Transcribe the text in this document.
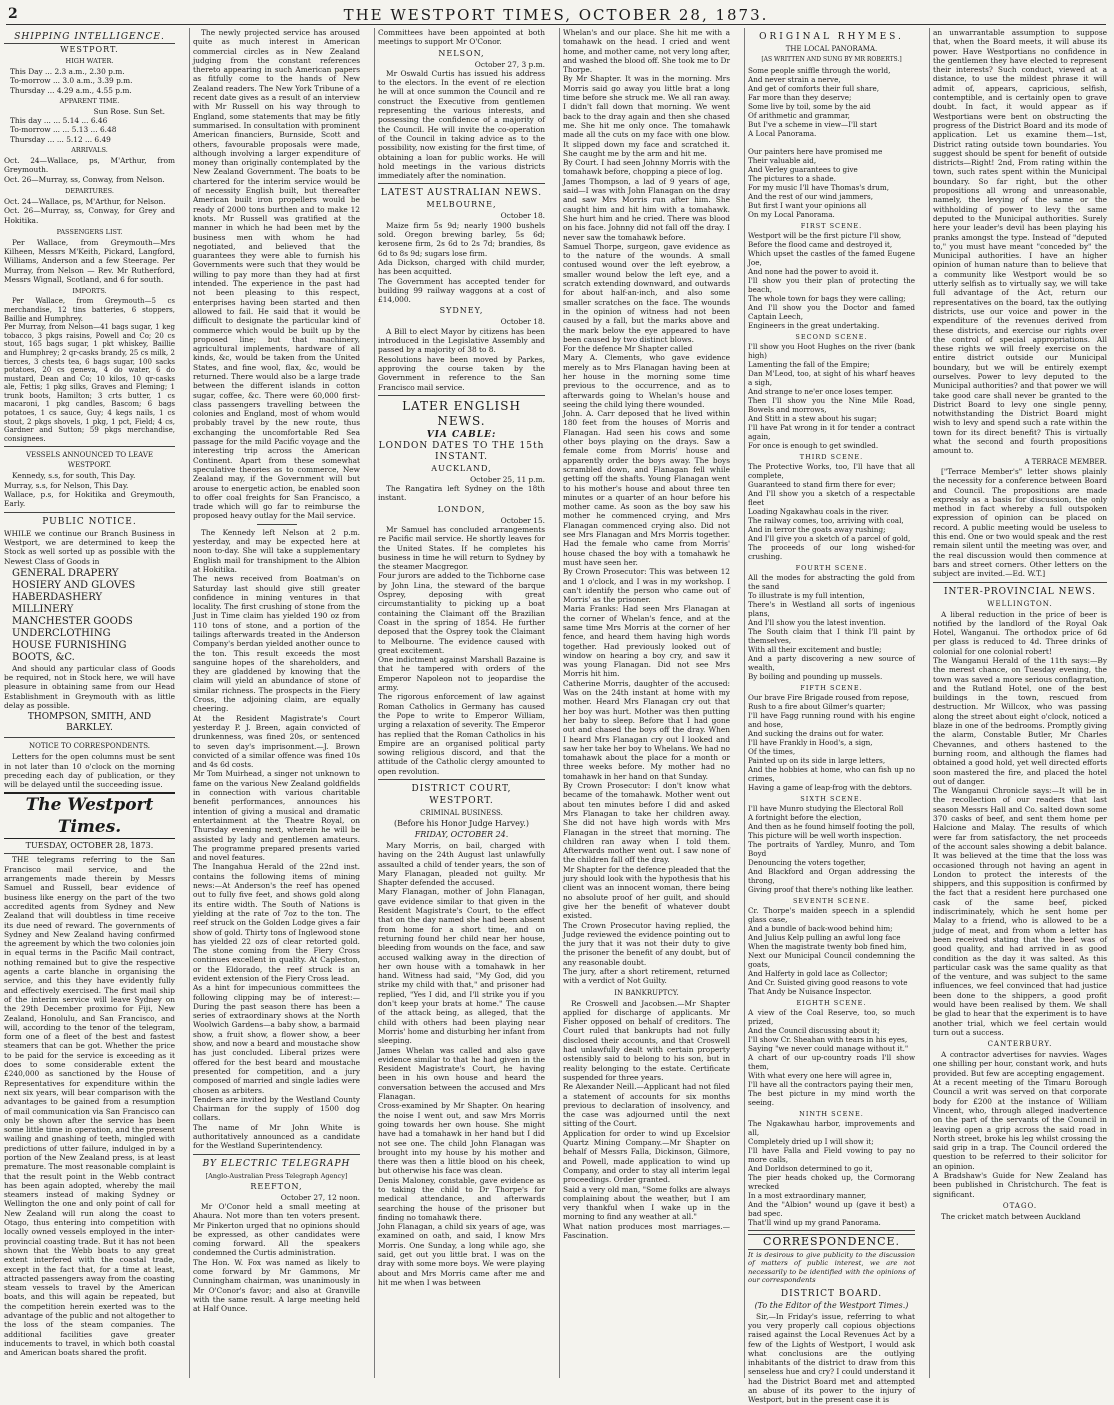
2	THE WESTPORT TIMES, OCTOBER 28, 1873.
SHIPPING INTELLIGENCE.
WESTPORT.
HIGH WATER.
This Day ... 2.3 a.m., 2.30 p.m.
To-morrow ... 3.0 a.m., 3.39 p.m.
Thursday ... 4.29 a.m., 4.55 p.m.
APPARENT TIME.
Sun Rose. Sun Set.
This day ... ... 5.14 ... 6.46
To-morrow ... ... 5.13 ... 6.48
Thursday ... ... 5.12 ... 6.49
ARRIVALS.

Oct. 24—Wallace, ps, M'Arthur, from Greymouth.
Oct. 26—Murray, ss, Conway, from Nelson.

DEPARTURES.

Oct. 24—Wallace, ps, M'Arthur, for Nelson.
Oct. 26—Murray, ss, Conway, for Grey and Hokitika.

PASSENGERS LIST.

Per Wallace, from Greymouth—Mrs Kilheen, Messrs M'Keith, Pickard, Langford, Williams, Anderson and a few Steerage. Per Murray, from Nelson — Rev. Mr Rutherford, Messrs Wignall, Scotland, and 6 for south.

IMPORTS.

Per Wallace, from Greymouth—5 cs merchandise, 12 tins batteries, 6 stoppers, Baillie and Humphrey.
Per Murray, from Nelson—41 bags sugar, 1 keg tobacco, 3 pkgs raisins, Powell and Co; 20 cs stout, 165 bags sugar, 1 pkt whiskey, Baillie and Humphrey; 2 qr-casks brandy, 25 cs milk, 2 tierces, 3 chests tea, 6 bags sugar, 100 sacks potatoes, 20 cs geneva, 4 do water, 6 do mustard, Dean and Co; 10 kilos, 10 qr-casks ale, Fettis; 1 pkg silks, Graves and Fleming; 1 trunk boots, Hamilton; 3 crts butter, 1 cs macaroni, 1 pkg candles, Bascom; 6 bags potatoes, 1 cs sauce, Guy; 4 kegs nails, 1 cs stout, 2 pkgs shovels, 1 pkg, 1 pct, Field; 4 cs, Gardner and Sutton; 59 pkgs merchandise, consignees.

VESSELS ANNOUNCED TO LEAVE WESTPORT.

Kennedy, s.s, for south, This Day.
Murray, s.s, for Nelson, This Day.
Wallace, p.s, for Hokitika and Greymouth, Early.

PUBLIC NOTICE.

WHILE we continue our Branch Business in Westport, we are determined to keep the Stock as well sorted up as possible with the Newest Class of Goods in

GENERAL DRAPERY
HOSIERY AND GLOVES
HABERDASHERY
MILLINERY
MANCHESTER GOODS
UNDERCLOTHING
HOUSE FURNISHING
BOOTS, &C.

And should any particular class of Goods be required, not in Stock here, we will have pleasure in obtaining same from our Head Establishment in Greymouth with as little delay as possible.

THOMPSON, SMITH, AND BARKLEY.
NOTICE TO CORRESPONDENTS.

Letters for the open columns must be sent in not later than 10 o'clock on the morning preceding each day of publication, or they will be delayed until the succeeding issue.

The Westport Times.
TUESDAY, OCTOBER 28, 1873.

THE telegrams referring to the San Francisco mail service, and the arrangements made therein by Messrs Samuel and Russell, bear evidence of business like energy on the part of the two accredited agents from Sydney and New Zealand that will doubtless in time receive its due need of reward. The governments of Sydney and New Zealand having confirmed the agreement by which the two colonies join in equal terms in the Pacific Mail contract, nothing remained but to give the respective agents a carte blanche in organising the service, and this they have evidently fully and effectively exercised. The first mail ship of the interim service will leave Sydney on the 29th December proximo for Fiji, New Zealand, Honolulu, and San Francisco, and will, according to the tenor of the telegram, form one of a fleet of the best and fastest steamers that can be got. Whether the price to be paid for the service is exceeding as it does to some considerable extent the £240,000 as sanctioned by the House of Representatives for expenditure within the next six years, will bear comparison with the advantages to be gained from a resumption of mail communication via San Francisco can only be shown after the service has been some little time in operation, and the present wailing and gnashing of teeth, mingled with predictions of utter failure, indulged in by a portion of the New Zealand press, is at least premature. The most reasonable complaint is that the result point in the Webb contract has been again adopted, whereby the mail steamers instead of making Sydney or Wellington the one and only point of call for New Zealand will run along the coast to Otago, thus entering into competition with locally owned vessels employed in the inter-provincial coasting trade. But it has not been shown that the Webb boats to any great extent interfered with the coastal trade, except in the fact that, for a time at least, attracted passengers away from the coasting steam vessels to travel by the American boats, and this will again be repeated, but the competition herein exerted was to the advantage of the public and not altogether to the loss of the steam companies. The additional facilities gave greater inducements to travel, in which both coastal and American boats shared the profit.

The newly projected service has aroused quite as much interest in American commercial circles as in New Zealand judging from the constant references thereto appearing in such American papers as fitfully come to the hands of New Zealand readers. The New York Tribune of a recent date gives as a result of an interview with Mr Russell on his way through to England, some statements that may be fitly summarised. In consultation with prominent American financiers, Burnside, Scott and others, favourable proposals were made, although involving a larger expenditure of money than originally contemplated by the New Zealand Government. The boats to be chartered for the interim service would be of necessity English built, but thereafter American built iron propellers would be ready of 2000 tons burthen and to make 12 knots. Mr Russell was gratified at the manner in which he had been met by the business men with whom he had negotiated, and believed that the guarantees they were able to furnish his Governments were such that they would be willing to pay more than they had at first intended. The experience in the past had not been pleasing to this respect, enterprises having been started and then allowed to fail. He said that it would be difficult to designate the particular kind of commerce which would be built up by the proposed line; but that machinery, agricultural implements, hardware of all kinds, &c, would be taken from the United States, and fine wool, flax, &c, would be returned. There would also be a large trade between the different islands in cotton sugar, coffee, &c. There were 60,000 first-class passengers travelling between the colonies and England, most of whom would probably travel by the new route, thus exchanging the uncomfortable Red Sea passage for the mild Pacific voyage and the interesting trip across the American Continent. Apart from these somewhat speculative theories as to commerce, New Zealand may, if the Government will but arouse to energetic action, be enabled soon to offer coal freights for San Francisco, a trade which will go far to reimburse the proposed heavy outlay for the Mail service.

The Kennedy left Nelson at 2 p.m. yesterday, and may be expected here at noon to-day. She will take a supplementary English mail for transhipment to the Albion at Hokitika.
The news received from Boatman's on Saturday last should give still greater confidence in mining ventures in that locality. The first crushing of stone from the Just in Time claim has yielded 190 oz from 110 tons of stone, and a portion of the tailings afterwards treated in the Anderson Company's berdan yielded another ounce to the ton. This result exceeds the most sanguine hopes of the shareholders, and they are gladdened by knowing that the claim will yield an abundance of stone of similar richness. The prospects in the Fiery Cross, the adjoining claim, are equally cheering.
At the Resident Magistrate's Court yesterday P. J. Breen, again convicted of drunkenness, was fined 20s, or sentenced to seven day's imprisonment.—J. Brown convicted of a similar offence was fined 10s and 4s 6d costs.
Mr Tom Muirhead, a singer not unknown to fame on the various New Zealand goldfields in connection with various charitable benefit performances, announces his intention of giving a musical and dramatic entertainment at the Theatre Royal, on Thursday evening next, wherein he will be assisted by lady and gentlemen amateurs. The programme prepared presents varied and novel features.
The Inangahua Herald of the 22nd inst. contains the following items of mining news:—At Anderson's the reef has opened out to fully five feet, and shows gold along its entire width. The South of Nations is yielding at the rate of 7oz to the ton. The reef struck on the Golden Lodge gives a fair show of gold. Thirty tons of Inglewood stone has yielded 22 ozs of clear retorted gold. The stone coming from the Fiery Cross continues excellent in quality. At Capleston, or the Eldorado, the reef struck is an evident extension of the Fiery Cross lead.
As a hint for impecunious committees the following clipping may be of interest:—During the past season there has been a series of extraordinary shows at the North Woolwich Gardens—a baby show, a barmaid show, a fruit show, a flower show, a beer show, and now a beard and moustache show has just concluded. Liberal prizes were offered for the best beard and moustache presented for competition, and a jury composed of married and single ladies were chosen as arbiters.
Tenders are invited by the Westland County Chairman for the supply of 1500 dog collars.
The name of Mr John White is authoritatively announced as a candidate for the Westland Superintendency.

BY ELECTRIC TELEGRAPH
[Anglo-Australian Press Telegraph Agency]
REEFTON,
October 27, 12 noon.

Mr O'Conor held a small meeting at Ahaura. Not more than ten voters present. Mr Pinkerton urged that no opinions should be expressed, as other candidates were coming forward. All the speakers condemned the Curtis administration.
The Hon. W. Fox was named as likely to come forward by Mr Gammons, Mr Cunningham chairman, was unanimously in Mr O'Conor's favor; and also at Granville with the same result. A large meeting held at Half Ounce.

Committees have been appointed at both meetings to support Mr O'Conor.

NELSON,
October 27, 3 p.m.

Mr Oswald Curtis has issued his address to the electors. In the event of re election he will at once summon the Council and re construct the Executive from gentlemen representing the various interests, and possessing the confidence of a majority of the Council. He will invite the co-operation of the Council in taking advice as to the possibility, now existing for the first time, of obtaining a loan for public works. He will hold meetings in the various districts immediately after the nomination.

LATEST AUSTRALIAN NEWS.
MELBOURNE,
October 18.

Maize firm 5s 9d; nearly 1900 bushels sold. Oregon brewing barley, 5s 6d; kerosene firm, 2s 6d to 2s 7d; brandies, 8s 6d to 8s 9d; sugars lose firm.
Ada Dickson, charged with child murder, has been acquitted.
The Government has accepted tender for building 99 railway waggons at a cost of £14,000.

SYDNEY,
October 18.

A Bill to elect Mayor by citizens has been introduced in the Legislative Assembly and passed by a majority of 38 to 8.
Resolutions have been moved by Parkes, approving the course taken by the Government in reference to the San Francisco mail service.

LATER ENGLISH NEWS.
VIA CABLE:
LONDON DATES TO THE 15th INSTANT.
AUCKLAND,
October 25, 11 p.m.

The Rangatira left Sydney on the 18th instant.

LONDON,
October 15.

Mr Samuel has concluded arrangements re Pacific mail service. He shortly leaves for the United States. If he completes his business in time he will return to Sydney by the steamer Macgregor.
Four jurors are added to the Tichborne case by John Lina, the steward of the barque Osprey, deposing with great circumstantiality to picking up a boat containing the Claimant off the Brazilian Coast in the spring of 1854. He further deposed that the Osprey took the Claimant to Melbourne. The evidence caused with great excitement.
One indictment against Marshall Bazaine is that he tampered with orders of the Emperor Napoleon not to jeopardise the army.
The rigorous enforcement of law against Roman Catholics in Germany has caused the Pope to write to Emperor William, urging a relaxation of severity. The Emperor has replied that the Roman Catholics in his Empire are an organised political party sowing religious discord, and that the attitude of the Catholic clergy amounted to open revolution.

DISTRICT COURT, WESTPORT.
CRIMINAL BUSINESS.
(Before his Honor Judge Harvey.)
FRIDAY, OCTOBER 24.

Mary Morris, on bail, charged with having on the 24th August last unlawfully assaulted a child of tender years, the son of Mary Flanagan, pleaded not guilty. Mr Shapter defended the accused.
Mary Flanagan, mother of John Flanagan, gave evidence similar to that given in the Resident Magistrate's Court, to the effect that on the day named she had been absent from home for a short time, and on returning found her child near her house, bleeding from wounds on the face, and saw accused walking away in the direction of her own house with a tomahawk in her hand. Witness had said, "My God, did you strike my child with that," and prisoner had replied, "Yes I did, and I'll strike you if you don't keep your brats at home." The cause of the attack being, as alleged, that the child with others had been playing near Morris' home and disturbing her infant from sleeping.
James Whelan was called and also gave evidence similar to that he had given in the Resident Magistrate's Court, he having been in his own house and heard the conversation between the accused and Mrs Flanagan.
Cross-examined by Mr Shapter. On hearing the noise I went out, and saw Mrs Morris going towards her own house. She might have had a tomahawk in her hand but I did not see one. The child John Flanagan was brought into my house by his mother and there was then a little blood on his cheek, but otherwise his face was clean.
Denis Maloney, constable, gave evidence as to taking the child to Dr Thorpe's for medical attendance, and afterwards searching the house of the prisoner but finding no tomahawk there.
John Flanagan, a child six years of age, was examined on oath, and said, I know Mrs Morris. One Sunday, a long while ago, she said, get out you little brat. I was on the dray with some more boys. We were playing about and Mrs Morris came after me and hit me when I was between

Whelan's and our place. She hit me with a tomahawk on the head. I cried and went home, and mother came, not very long after, and washed the blood off. She took me to Dr Thorpe.
By Mr Shapter. It was in the morning. Mrs Morris said go away you little brat a long time before she struck me. We all ran away. I didn't fall down that morning. We went back to the dray again and then she chased me. She hit me only once. The tomahawk made all the cuts on my face with one blow. It slipped down my face and scratched it. She caught me by the arm and hit me.
By Court. I had seen Johnny Morris with the tomahawk before, chopping a piece of log.
James Thompson, a lad of 9 years of age, said—I was with John Flanagan on the dray and saw Mrs Morris run after him. She caught him and hit him with a tomahawk. She hurt him and he cried. There was blood on his face. Johnny did not fall off the dray. I never saw the tomahawk before.
Samuel Thorpe, surgeon, gave evidence as to the nature of the wounds. A small contused wound over the left eyebrow, a smaller wound below the left eye, and a scratch extending downward, and outwards for about half-an-inch, and also some smaller scratches on the face. The wounds in the opinion of witness had not been caused by a fall, but the marks above and the mark below the eye appeared to have been caused by two distinct blows.
For the defence Mr Shapter called
Mary A. Clements, who gave evidence merely as to Mrs Flanagan having been at her house in the morning some time previous to the occurrence, and as to afterwards going to Whelan's house and seeing the child lying there wounded.
John. A. Carr deposed that he lived within 180 feet from the houses of Morris and Flanagan. Had seen his cows and some other boys playing on the drays. Saw a female come from Morris' house and apparently order the boys away. The boys scrambled down, and Flanagan fell while getting off the shafts. Young Flanagan went to his mother's house and about three ten minutes or a quarter of an hour before his mother came. As soon as the boy saw his mother he commenced crying, and Mrs Flanagan commenced crying also. Did not see Mrs Flanagan and Mrs Morris together. Had the female who came from Morris' house chased the boy with a tomahawk he must have seen her.
By Crown Prosecutor: This was between 12 and 1 o'clock, and I was in my workshop. I can't identify the person who came out of Morris' as the prisoner.
Maria Franks: Had seen Mrs Flanagan at the corner of Whelan's fence, and at the same time Mrs Morris at the corner of her fence, and heard them having high words together. Had previously looked out of window on hearing a boy cry, and saw it was young Flanagan. Did not see Mrs Morris hit him.
Catherine Morris, daughter of the accused: Was on the 24th instant at home with my mother. Heard Mrs Flanagan cry out that her boy was hurt. Mother was then putting her baby to sleep. Before that I had gone out and chased the boys off the dray. When I heard Mrs Flanagan cry out I looked and saw her take her boy to Whelans. We had no tomahawk about the place for a month or three weeks before. My mother had no tomahawk in her hand on that Sunday.
By Crown Prosecutor: I don't know what became of the tomahawk. Mother went out about ten minutes before I did and asked Mrs Flanagan to take her children away. She did not have high words with Mrs Flanagan in the street that morning. The children ran away when I told them. Afterwards mother went out. I saw none of the children fall off the dray.
Mr Shapter for the defence pleaded that the jury should look with the hypothesis that his client was an innocent woman, there being no absolute proof of her guilt, and should give her the benefit of whatever doubt existed.
The Crown Prosecutor having replied, the Judge reviewed the evidence pointing out to the jury that it was not their duty to give the prisoner the benefit of any doubt, but of any reasonable doubt.
The jury, after a short retirement, returned with a verdict of Not Guilty.

IN BANKRUPTCY.

Re Croswell and Jacobsen.—Mr Shapter applied for discharge of applicants. Mr Fisher opposed on behalf of creditors. The Court ruled that bankrupts had not fully disclosed their accounts, and that Croswell had unlawfully dealt with certain property ostensibly said to belong to his son, but in reality belonging to the estate. Certificate suspended for three years.
Re Alexander Neill.—Applicant had not filed a statement of accounts for six months previous to declaration of insolvency, and the case was adjourned until the next sitting of the Court.
Application for order to wind up Excelsior Quartz Mining Company.—Mr Shapter on behalf of Messrs Falla, Dickinson, Gilmore, and Powell, made application to wind up Company, and order to stay all interim legal proceedings. Order granted.
Said a very old man, "Some folks are always complaining about the weather, but I am very thankful when I wake up in the morning to find any weather at all."
What nation produces most marriages.—Fascination.

ORIGINAL RHYMES.
THE LOCAL PANORAMA.
[AS WRITTEN AND SUNG BY MR ROBERTS.]
Some people sniffle through the world,
And never strain a nerve,
And get of comforts their full share,
Far more than they deserve;
Some live by toil, some by the aid
Of arithmetic and grammar,
But I've a scheme in view—I'll start
A Local Panorama.

Our painters here have promised me
Their valuable aid,
And Verley guarantees to give
The pictures to a shade.
For my music I'll have Thomas's drum,
And the rest of our wind jammers,
But first I want your opinions all
On my Local Panorama.
FIRST SCENE.
Westport will be the first picture I'll show,
Before the flood came and destroyed it,
Which upset the castles of the famed Eugene Joe,
And none had the power to avoid it.
I'll show you their plan of protecting the beach,
The whole town for bags they were calling;
And I'll show you the Doctor and famed Captain Leech,
Engineers in the great undertaking.
SECOND SCENE.
I'll show you Hoot Hughes on the river (bank high)
Lamenting the fall of the Empire;
Dan M'Leod, too, at sight of his wharf heaves a sigh,
And strange to ne'er once loses temper.
Then I'll show you the Nine Mile Road, Bowels and morrows,
And Stitt in a stew about his sugar;
I'll have Pat wrong in it for tender a contract again,
For once is enough to get swindled.
THIRD SCENE.
The Protective Works, too, I'll have that all complete,
Guaranteed to stand firm there for ever;
And I'll show you a sketch of a respectable fleet
Loading Ngakawhau coals in the river.
The railway comes, too, arriving with coal,
And in terror the goats away rushing;
And I'll give you a sketch of a parcel of gold,
The proceeds of our long wished-for crushing.
FOURTH SCENE.
All the modes for abstracting the gold from the sand
To illustrate is my full intention,
There's in Westland all sorts of ingenious plans,
And I'll show you the latest invention.
The South claim that I think I'll paint by themselves,
With all their excitement and bustle;
And a party discovering a new source of wealth,
By boiling and pounding up mussels.
FIFTH SCENE.
Our brave Fire Brigade roused from repose,
Rush to a fire about Gilmer's quarter;
I'll have Fagg running round with his engine and hose,
And sucking the drains out for water.
I'll have Frankly in Hood's, a sign,
Of the times,
Painted up on its side in large letters,
And the hobbies at home, who can fish up no crimes,
Having a game of leap-frog with the debtors.
SIXTH SCENE.
I'll have Munro studying the Electoral Roll
A fortnight before the election,
And then as he found himself footing the poll,
This picture will be well worth inspection.
The portraits of Yardley, Munro, and Tom Boyd
Denouncing the voters together,
And Blackford and Organ addressing the throng,
Giving proof that there's nothing like leather.
SEVENTH SCENE.
Cr. Thorpe's maiden speech in a splendid glass case,
And a bundle of back-wood behind him;
And Julius Kelp pulling an awful long face
When the magistrate twenty bob fined him,
Next our Municipal Council condemning the goats,
And Halferty in gold lace as Collector;
And Cr. Suisted giving good reasons to vote
That Andy be Nuisance Inspector.
EIGHTH SCENE.
A view of the Coal Reserve, too, so much prized,
And the Council discussing about it;
I'll show Cr. Sheahan with tears in his eyes,
Saying "we never could manage without it."
A chart of our up-country roads I'll show them,
With what every one here will agree in,
I'll have all the contractors paying their men,
The best picture in my mind worth the seeing.
NINTH SCENE.
The Ngakawhau harbor, improvements and all,
Completely dried up I will show it;
I'll have Falla and Field vowing to pay no more calls,
And Dorldson determined to go it,
The pier heads choked up, the Cormorang wrecked
In a most extraordinary manner,
And the "Albion" wound up (gave it best) a bad spec.
That'll wind up my grand Panorama.
CORRESPONDENCE.

It is desirous to give publicity to the discussion of matters of public interest, we are not necessarily to be identified with the opinions of our correspondents

DISTRICT BOARD.
(To the Editor of the Westport Times.)

Sir,—In Friday's issue, referring to what you very properly call copious objections raised against the Local Revenues Act by a few of the Lights of Westport, I would ask what conclusions are the outlying inhabitants of the district to draw from this senseless hue and cry? I could understand it had the District Board met and attempted an abuse of its power to the injury of Westport, but in the present case it is

an unwarrantable assumption to suppose that, when the Board meets, it will abuse its power. Have Westportians no confidence in the gentlemen they have elected to represent their interests? Such conduct, viewed at a distance, to use the mildest phrase it will admit of, appears, capricious, selfish, contemptible, and is certainly open to grave doubt. In fact, it would appear as if Westportians were bent on obstructing the progress of the District Board and its mode of application. Let us examine them—1st, District rating outside town boundaries. You suggest should be spent for benefit of outside districts—Right! 2nd, From rating within the town, such rates spent within the Municipal boundary. So far right, but the other propositions all wrong and unreasonable, namely, the levying of the same or the withholding of power to levy the same deputed to the Municipal authorities. Surely here your leader's devil has been playing his pranks amongst the type. Instead of "deputed to," you must have meant "conceded by" the Municipal authorities. I have an higher opinion of human nature than to believe that a community like Westport would be so utterly selfish as to virtually say, we will take full advantage of the Act, return our representatives on the board, tax the outlying districts, use our voice and power in the expenditure of the revenues derived from these districts, and exercise our rights over the control of special appropriations. All these rights we will freely exercise on the entire district outside our Municipal boundary, but we will be entirely exempt ourselves. Power to levy deputed to the Municipal authorities? and that power we will take good care shall never be granted to the District Board to levy one single penny, notwithstanding the District Board might wish to levy and spend such a rate within the town for its direct benefit? This is virtually what the second and fourth propositions amount to.

A TERRACE MEMBER.

["Terrace Member's" letter shows plainly the necessity for a conference between Board and Council. The propositions are made expressly as a basis for discussion, the only method in fact whereby a full outspoken expression of opinion can be placed on record. A public meeting would be useless to this end. One or two would speak and the rest remain silent until the meeting was over, and the real discussion would then commence at bars and street corners. Other letters on the subject are invited.—Ed. W.T.]

INTER-PROVINCIAL NEWS.
WELLINGTON.

A liberal reduction in the price of beer is notified by the landlord of the Royal Oak Hotel, Wanganui. The orthodox price of 6d per glass is reduced to 4d. Three drinks of colonial for one colonial robert!
The Wanganui Herald of the 11th says:—By the merest chance, on Tuesday evening, the town was saved a more serious conflagration, and the Rutland Hotel, one of the best buildings in the town, rescued from destruction. Mr Willcox, who was passing along the street about eight o'clock, noticed a blaze in one of the bedrooms. Promptly giving the alarm, Constable Butler, Mr Charles Chevannes, and others hastened to the burning room, and although the flames had obtained a good hold, yet well directed efforts soon mastered the fire, and placed the hotel out of danger.
The Wanganui Chronicle says:—It will be in the recollection of our readers that last season Messrs Hall and Co. salted down some 370 casks of beef, and sent them home per Halcione and Malay. The results of which were far from satisfactory, the net proceeds of the account sales showing a debit balance. It was believed at the time that the loss was occasioned through not having an agent in London to protect the interests of the shippers, and this supposition is confirmed by the fact that a resident here purchased one cask of the same beef, picked indiscriminately, which he sent home per Malay to a friend, who is allowed to be a judge of meat, and from whom a letter has been received stating that the beef was of good quality, and had arrived in as good condition as the day it was salted. As this particular cask was the same quality as that of the venture, and was subject to the same influences, we feel convinced that had justice been done to the shippers, a good profit would have been realised by them. We shall be glad to hear that the experiment is to have another trial, which we feel certain would turn out a success.

CANTERBURY.

A contractor advertises for navvies. Wages one shilling per hour, constant work, and huts provided. But few are accepting engagement.
At a recent meeting of the Timaru Borough Council a writ was served on that corporate body for £200 at the instance of William Vincent, who, through alleged inadvertence on the part of the servants of the Council in leaving open a grip across the said road in North street, broke his leg whilst crossing the said grip in a trap. The Council ordered the question to be referred to their solicitor for an opinion.
A Bradshaw's Guide for New Zealand has been published in Christchurch. The feat is significant.

OTAGO.

The cricket match between Auckland
